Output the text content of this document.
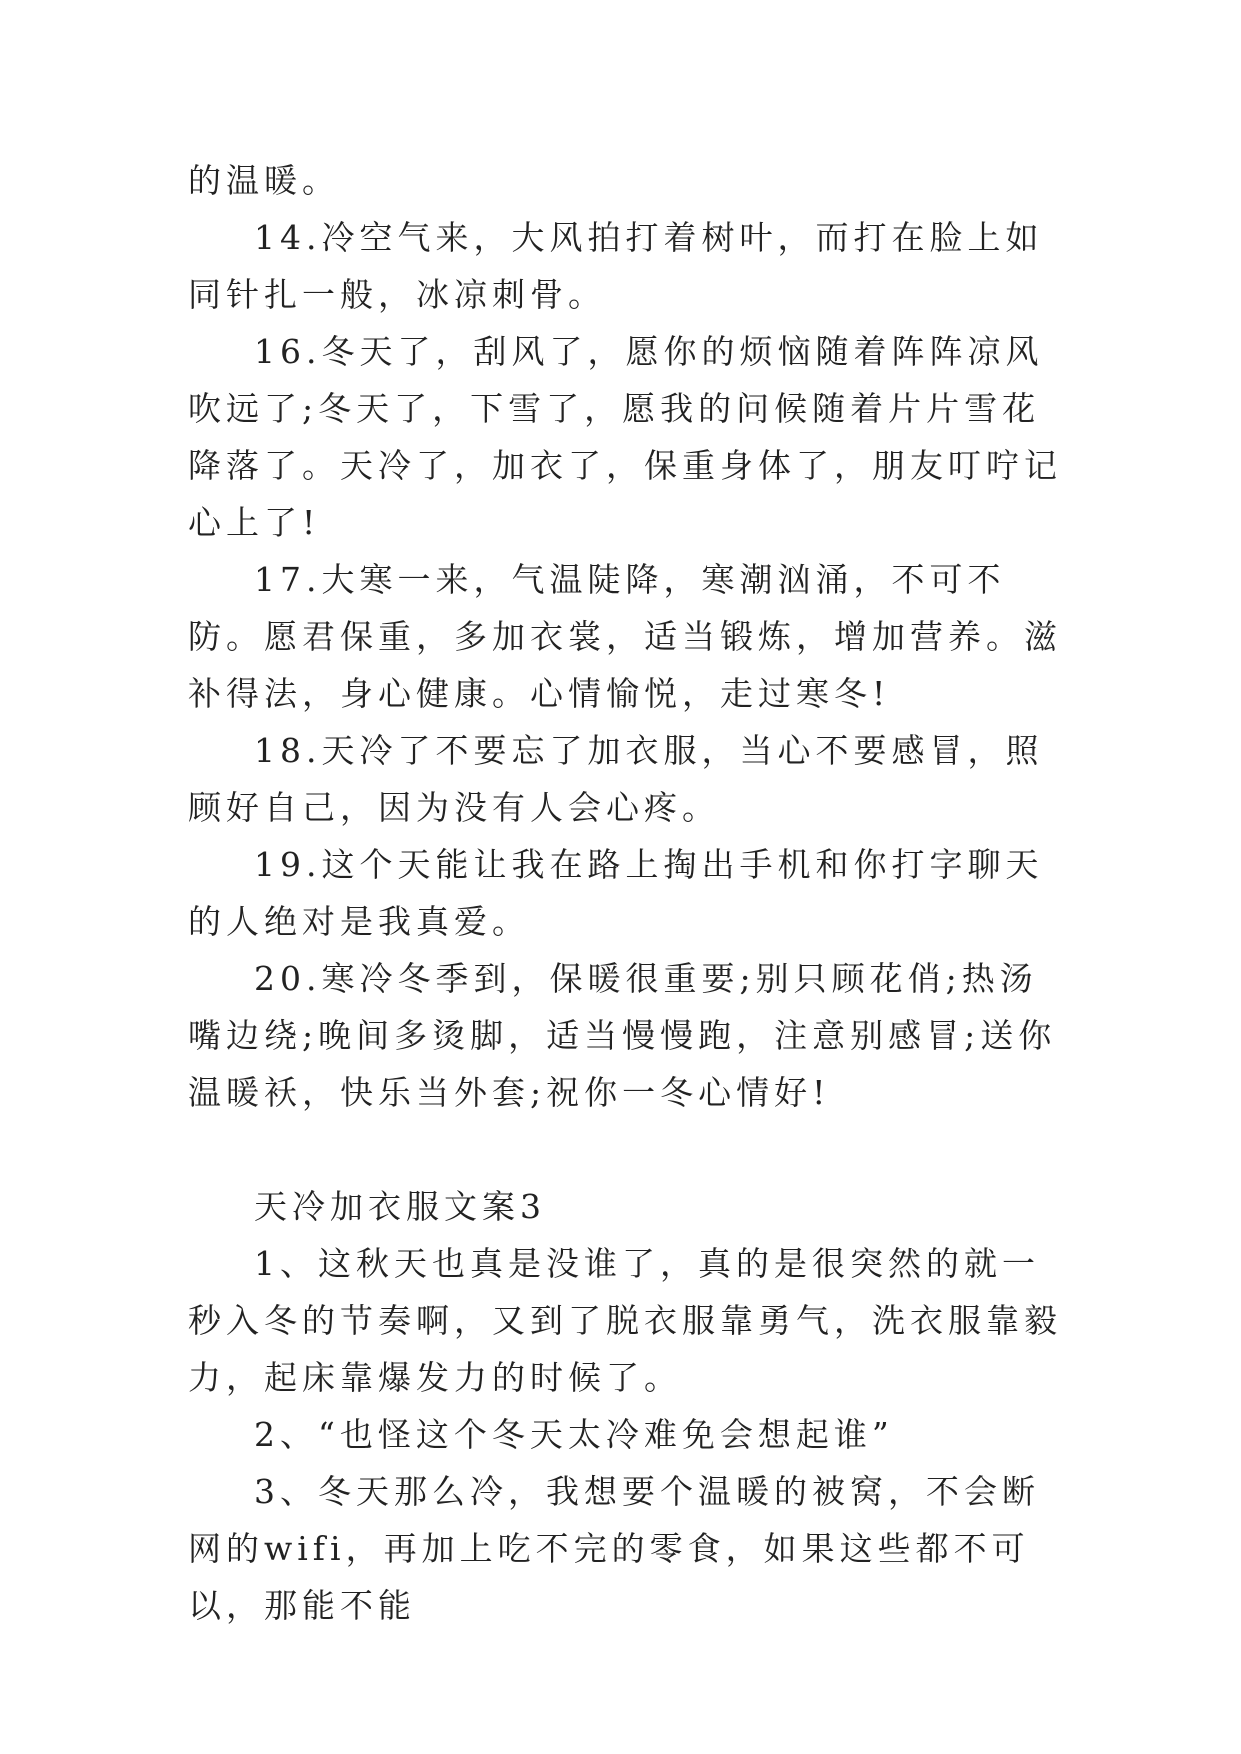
的温暖。

14.冷空气来，大风拍打着树叶，而打在脸上如同针扎一般，冰凉刺骨。

16.冬天了，刮风了，愿你的烦恼随着阵阵凉风吹远了;冬天了，下雪了，愿我的问候随着片片雪花降落了。天冷了，加衣了，保重身体了，朋友叮咛记心上了!

17.大寒一来，气温陡降，寒潮汹涌，不可不防。愿君保重，多加衣裳，适当锻炼，增加营养。滋补得法，身心健康。心情愉悦，走过寒冬!

18.天冷了不要忘了加衣服，当心不要感冒，照顾好自己，因为没有人会心疼。

19.这个天能让我在路上掏出手机和你打字聊天的人绝对是我真爱。

20.寒冷冬季到，保暖很重要;别只顾花俏;热汤嘴边绕;晚间多烫脚，适当慢慢跑，注意别感冒;送你温暖袄，快乐当外套;祝你一冬心情好!

天冷加衣服文案3

1、这秋天也真是没谁了，真的是很突然的就一秒入冬的节奏啊，又到了脱衣服靠勇气，洗衣服靠毅力，起床靠爆发力的时候了。

2、“也怪这个冬天太冷难免会想起谁”

3、冬天那么冷，我想要个温暖的被窝，不会断网的wifi，再加上吃不完的零食，如果这些都不可以，那能不能
